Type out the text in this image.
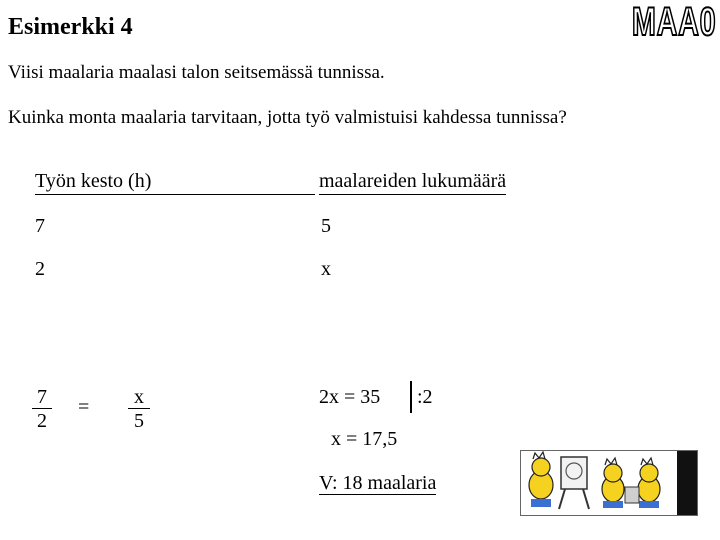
Esimerkki 4	MAA0
Viisi maalaria maalasi talon seitsemässä tunnissa.
Kuinka monta maalaria tarvitaan, jotta työ valmistuisi kahdessa tunnissa?
Työn kesto (h)	maalareiden lukumäärä
7	5
2	x
$\frac{7}{2} = \frac{x}{5}$	2x = 35 :2
x = 17,5
V: 18 maalaria
